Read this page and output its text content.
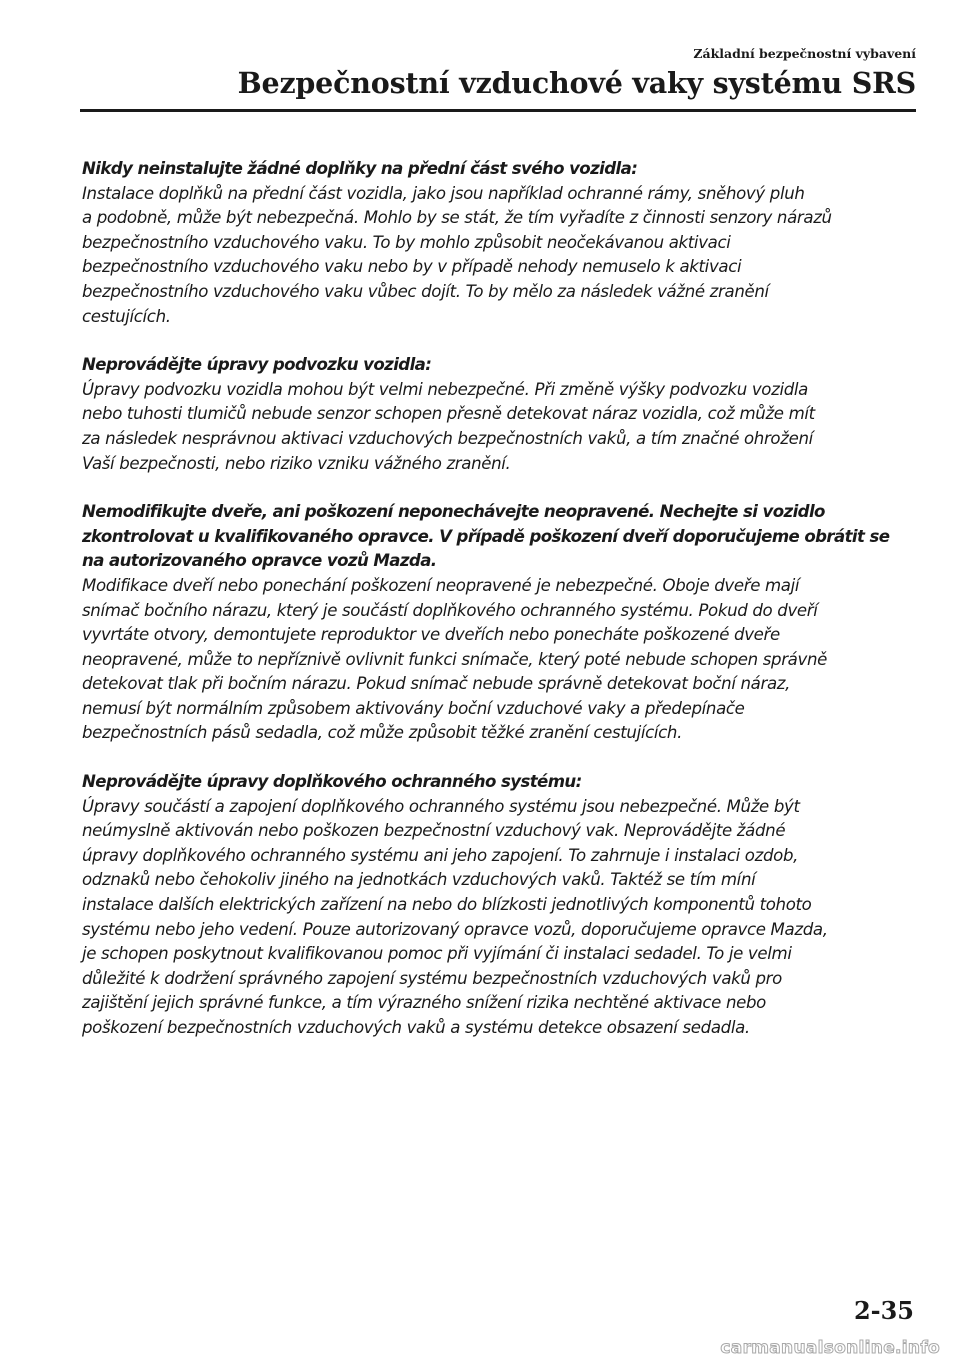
Základní bezpečnostní vybavení
Bezpečnostní vzduchové vaky systému SRS
Nikdy neinstalujte žádné doplňky na přední část svého vozidla:
Instalace doplňků na přední část vozidla, jako jsou například ochranné rámy, sněhový pluh
a podobně, může být nebezpečná. Mohlo by se stát, že tím vyřadíte z činnosti senzory nárazů
bezpečnostního vzduchového vaku. To by mohlo způsobit neočekávanou aktivaci
bezpečnostního vzduchového vaku nebo by v případě nehody nemuselo k aktivaci
bezpečnostního vzduchového vaku vůbec dojít. To by mělo za následek vážné zranění
cestujících.
Neprovádějte úpravy podvozku vozidla:
Úpravy podvozku vozidla mohou být velmi nebezpečné. Při změně výšky podvozku vozidla
nebo tuhosti tlumičů nebude senzor schopen přesně detekovat náraz vozidla, což může mít
za následek nesprávnou aktivaci vzduchových bezpečnostních vaků, a tím značné ohrožení
Vaší bezpečnosti, nebo riziko vzniku vážného zranění.
Nemodifikujte dveře, ani poškození neponechávejte neopravené. Nechejte si vozidlo
zkontrolovat u kvalifikovaného opravce. V případě poškození dveří doporučujeme obrátit se
na autorizovaného opravce vozů Mazda.
Modifikace dveří nebo ponechání poškození neopravené je nebezpečné. Oboje dveře mají
snímač bočního nárazu, který je součástí doplňkového ochranného systému. Pokud do dveří
vyvrtáte otvory, demontujete reproduktor ve dveřích nebo ponecháte poškozené dveře
neopravené, může to nepříznivě ovlivnit funkci snímače, který poté nebude schopen správně
detekovat tlak při bočním nárazu. Pokud snímač nebude správně detekovat boční náraz,
nemusí být normálním způsobem aktivovány boční vzduchové vaky a předepínače
bezpečnostních pásů sedadla, což může způsobit těžké zranění cestujících.
Neprovádějte úpravy doplňkového ochranného systému:
Úpravy součástí a zapojení doplňkového ochranného systému jsou nebezpečné. Může být
neúmyslně aktivován nebo poškozen bezpečnostní vzduchový vak. Neprovádějte žádné
úpravy doplňkového ochranného systému ani jeho zapojení. To zahrnuje i instalaci ozdob,
odznaků nebo čehokoliv jiného na jednotkách vzduchových vaků. Taktéž se tím míní
instalace dalších elektrických zařízení na nebo do blízkosti jednotlivých komponentů tohoto
systému nebo jeho vedení. Pouze autorizovaný opravce vozů, doporučujeme opravce Mazda,
je schopen poskytnout kvalifikovanou pomoc při vyjímání či instalaci sedadel. To je velmi
důležité k dodržení správného zapojení systému bezpečnostních vzduchových vaků pro
zajištění jejich správné funkce, a tím výrazného snížení rizika nechtěné aktivace nebo
poškození bezpečnostních vzduchových vaků a systému detekce obsazení sedadla.
2-35
carmanualsonline.info
